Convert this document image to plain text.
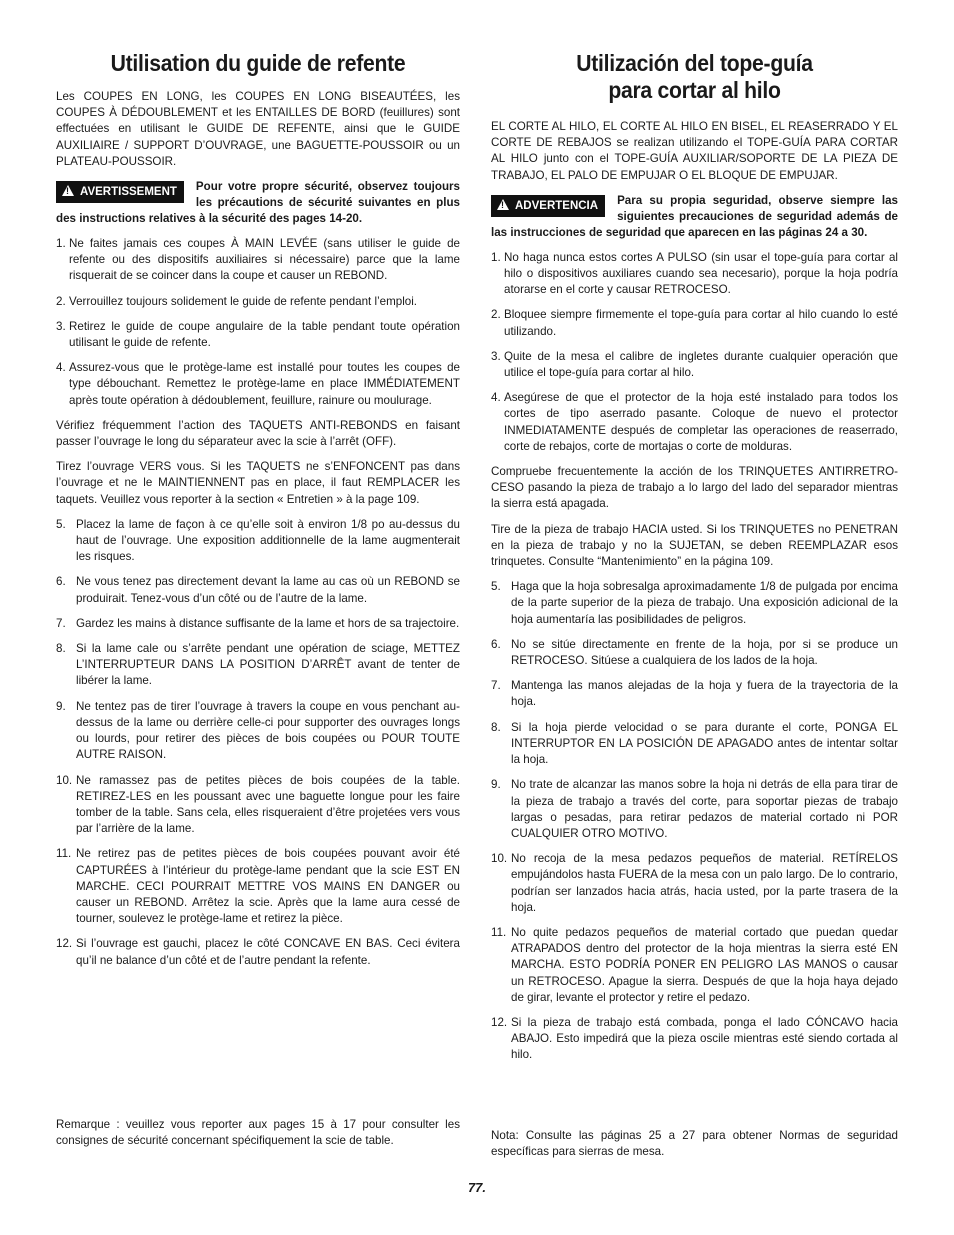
Utilisation du guide de refente

Les COUPES EN LONG, les COUPES EN LONG BISEAUTÉES, les COUPES À DÉDOUBLEMENT et les ENTAILLES DE BORD (feuillures) sont effectuées en utilisant le GUIDE DE REFENTE, ainsi que le GUIDE AUXILIAIRE / SUPPORT D’OUVRAGE, une BAGUETTE-POUSSOIR ou un PLATEAU-POUSSOIR.

! AVERTISSEMENT	Pour votre propre sécurité, observez toujours les précautions de sécurité suivantes en plus des instructions relatives à la sécurité des pages 14-20.
1. Ne faites jamais ces coupes À MAIN LEVÉE (sans utiliser le guide de refente ou des dispositifs auxiliaires si nécessaire) parce que la lame risquerait de se coincer dans la coupe et causer un REBOND.
2. Verrouillez toujours solidement le guide de refente pendant l’emploi.
3. Retirez le guide de coupe angulaire de la table pendant toute opération utilisant le guide de refente.
4. Assurez-vous que le protège-lame est installé pour toutes les coupes de type débouchant. Remettez le protège-lame en place IMMÉDIATEMENT après toute opération à dédoublement, feuillure, rainure ou moulurage.

Vérifiez fréquemment l’action des TAQUETS ANTI-REBONDS en faisant passer l’ouvrage le long du séparateur avec la scie à l’arrêt (OFF).

Tirez l’ouvrage VERS vous. Si les TAQUETS ne s’ENFONCENT pas dans l’ouvrage et ne le MAINTIENNENT pas en place, il faut REMPLACER les taquets. Veuillez vous reporter à la section « Entretien » à la page 109.

5. Placez la lame de façon à ce qu’elle soit à environ 1/8 po au-dessus du haut de l’ouvrage. Une exposition additionnelle de la lame augmenterait les risques.
6. Ne vous tenez pas directement devant la lame au cas où un REBOND se produirait. Tenez-vous d’un côté ou de l’autre de la lame.
7. Gardez les mains à distance suffisante de la lame et hors de sa trajectoire.
8. Si la lame cale ou s’arrête pendant une opération de sciage, METTEZ L’INTERRUPTEUR DANS LA POSITION D’ARRÊT avant de tenter de libérer la lame.
9. Ne tentez pas de tirer l’ouvrage à travers la coupe en vous penchant au-dessus de la lame ou derrière celle-ci pour supporter des ouvrages longs ou lourds, pour retirer des pièces de bois coupées ou POUR TOUTE AUTRE RAISON.
10. Ne ramassez pas de petites pièces de bois coupées de la table. RETIREZ-LES en les poussant avec une baguette longue pour les faire tomber de la table. Sans cela, elles risqueraient d’être projetées vers vous par l’arrière de la lame.
11. Ne retirez pas de petites pièces de bois coupées pouvant avoir été CAPTURÉES à l’intérieur du protège-lame pendant que la scie EST EN MARCHE. CECI POURRAIT METTRE VOS MAINS EN DANGER ou causer un REBOND. Arrêtez la scie. Après que la lame aura cessé de tourner, soulevez le protège-lame et retirez la pièce.
12. Si l’ouvrage est gauchi, placez le côté CONCAVE EN BAS. Ceci évitera qu’il ne balance d’un côté et de l’autre pendant la refente.

Remarque : veuillez vous reporter aux pages 15 à 17 pour consulter les consignes de sécurité concernant spécifiquement la scie de table.

Utilización del tope-guía
para cortar al hilo

EL CORTE AL HILO, EL CORTE AL HILO EN BISEL, EL REASERRADO Y EL CORTE DE REBAJOS se realizan utilizando el TOPE-GUÍA PARA CORTAR AL HILO junto con el TOPE-GUÍA AUXILIAR/SOPORTE DE LA PIEZA DE TRABAJO, EL PALO DE EMPUJAR O EL BLOQUE DE EMPUJAR.

! ADVERTENCIA	Para su propia seguridad, observe siempre las siguientes precauciones de seguridad además de las instrucciones de seguridad que aparecen en las páginas 24 a 30.
1. No haga nunca estos cortes A PULSO (sin usar el tope-guía para cortar al hilo o dispositivos auxiliares cuando sea necesario), porque la hoja podría atorarse en el corte y causar RETROCESO.
2. Bloquee siempre firmemente el tope-guía para cortar al hilo cuando lo esté utilizando.
3. Quite de la mesa el calibre de ingletes durante cualquier operación que utilice el tope-guía para cortar al hilo.
4. Asegúrese de que el protector de la hoja esté instalado para todos los cortes de tipo aserrado pasante. Coloque de nuevo el protector INMEDIATAMENTE después de completar las operaciones de reaserrado, corte de rebajos, corte de mortajas o corte de molduras.

Compruebe frecuentemente la acción de los TRINQUETES ANTIRRETRO-CESO pasando la pieza de trabajo a lo largo del lado del separador mientras la sierra está apagada.

Tire de la pieza de trabajo HACIA usted. Si los TRINQUETES no PENETRAN en la pieza de trabajo y no la SUJETAN, se deben REEMPLAZAR esos trinquetes. Consulte “Mantenimiento” en la página 109.

5. Haga que la hoja sobresalga aproximadamente 1/8 de pulgada por encima de la parte superior de la pieza de trabajo. Una exposición adicional de la hoja aumentaría las posibilidades de peligros.
6. No se sitúe directamente en frente de la hoja, por si se produce un RETROCESO. Sitúese a cualquiera de los lados de la hoja.
7. Mantenga las manos alejadas de la hoja y fuera de la trayectoria de la hoja.
8. Si la hoja pierde velocidad o se para durante el corte, PONGA EL INTERRUPTOR EN LA POSICIÓN DE APAGADO antes de intentar soltar la hoja.
9. No trate de alcanzar las manos sobre la hoja ni detrás de ella para tirar de la pieza de trabajo a través del corte, para soportar piezas de trabajo largas o pesadas, para retirar pedazos de material cortado ni POR CUALQUIER OTRO MOTIVO.
10. No recoja de la mesa pedazos pequeños de material. RETÍRELOS empujándolos hasta FUERA de la mesa con un palo largo. De lo contrario, podrían ser lanzados hacia atrás, hacia usted, por la parte trasera de la hoja.
11. No quite pedazos pequeños de material cortado que puedan quedar ATRAPADOS dentro del protector de la hoja mientras la sierra esté EN MARCHA. ESTO PODRÍA PONER EN PELIGRO LAS MANOS o causar un RETROCESO. Apague la sierra. Después de que la hoja haya dejado de girar, levante el protector y retire el pedazo.
12. Si la pieza de trabajo está combada, ponga el lado CÓNCAVO hacia ABAJO. Esto impedirá que la pieza oscile mientras esté siendo cortada al hilo.

Nota: Consulte las páginas 25 a 27 para obtener Normas de seguridad específicas para sierras de mesa.

77.
